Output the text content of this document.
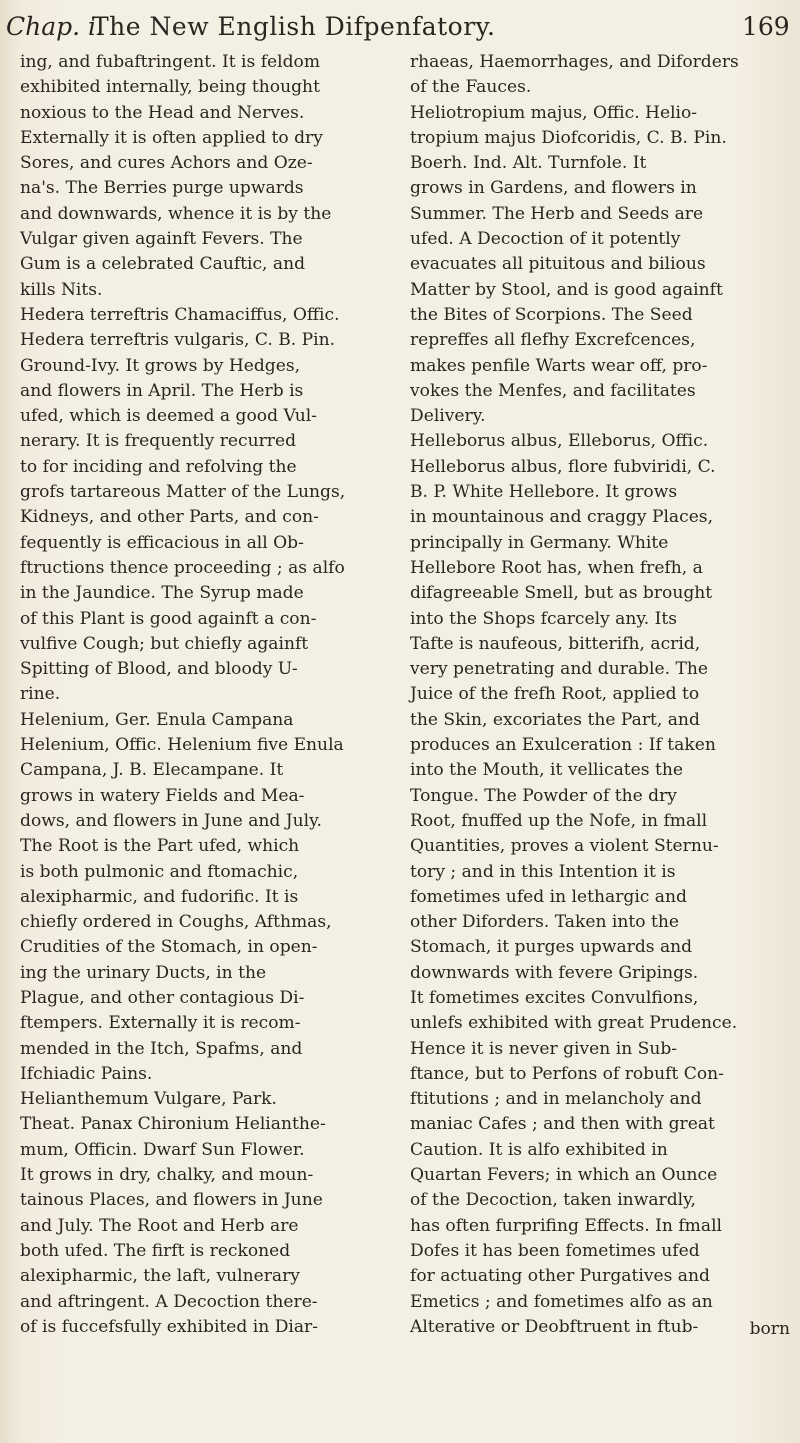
Chap. i.
The New English Difpenfatory.	169
ing, and fubaftringent. It is feldom
exhibited internally, being thought
noxious to the Head and Nerves.
Externally it is often applied to dry
Sores, and cures Achors and Oze-
na's. The Berries purge upwards
and downwards, whence it is by the
Vulgar given againft Fevers. The
Gum is a celebrated Cauftic, and
kills Nits.
Hedera terreftris Chamaciffus, Offic.
Hedera terreftris vulgaris, C. B. Pin.
Ground-Ivy. It grows by Hedges,
and flowers in April. The Herb is
ufed, which is deemed a good Vul-
nerary. It is frequently recurred
to for inciding and refolving the
grofs tartareous Matter of the Lungs,
Kidneys, and other Parts, and con-
fequently is efficacious in all Ob-
ftructions thence proceeding ; as alfo
in the Jaundice. The Syrup made
of this Plant is good againft a con-
vulfive Cough; but chiefly againft
Spitting of Blood, and bloody U-
rine.
Helenium, Ger. Enula Campana
Helenium, Offic. Helenium five Enula
Campana, J. B. Elecampane. It
grows in watery Fields and Mea-
dows, and flowers in June and July.
The Root is the Part ufed, which
is both pulmonic and ftomachic,
alexipharmic, and fudorific. It is
chiefly ordered in Coughs, Afthmas,
Crudities of the Stomach, in open-
ing the urinary Ducts, in the
Plague, and other contagious Di-
ftempers. Externally it is recom-
mended in the Itch, Spafms, and
Ifchiadic Pains.
Helianthemum Vulgare, Park.
Theat. Panax Chironium Helianthe-
mum, Officin. Dwarf Sun Flower.
It grows in dry, chalky, and moun-
tainous Places, and flowers in June
and July. The Root and Herb are
both ufed. The firft is reckoned
alexipharmic, the laft, vulnerary
and aftringent. A Decoction there-
of is fuccefsfully exhibited in Diar-
rhaeas, Haemorrhages, and Diforders
of the Fauces.
Heliotropium majus, Offic. Helio-
tropium majus Diofcoridis, C. B. Pin.
Boerh. Ind. Alt. Turnfole. It
grows in Gardens, and flowers in
Summer. The Herb and Seeds are
ufed. A Decoction of it potently
evacuates all pituitous and bilious
Matter by Stool, and is good againft
the Bites of Scorpions. The Seed
repreffes all flefhy Excrefcences,
makes penfile Warts wear off, pro-
vokes the Menfes, and facilitates
Delivery.
Helleborus albus, Elleborus, Offic.
Helleborus albus, flore fubviridi, C.
B. P. White Hellebore. It grows
in mountainous and craggy Places,
principally in Germany. White
Hellebore Root has, when frefh, a
difagreeable Smell, but as brought
into the Shops fcarcely any. Its
Tafte is naufeous, bitterifh, acrid,
very penetrating and durable. The
Juice of the frefh Root, applied to
the Skin, excoriates the Part, and
produces an Exulceration : If taken
into the Mouth, it vellicates the
Tongue. The Powder of the dry
Root, fnuffed up the Nofe, in fmall
Quantities, proves a violent Sternu-
tory ; and in this Intention it is
fometimes ufed in lethargic and
other Diforders. Taken into the
Stomach, it purges upwards and
downwards with fevere Gripings.
It fometimes excites Convulfions,
unlefs exhibited with great Prudence.
Hence it is never given in Sub-
ftance, but to Perfons of robuft Con-
ftitutions ; and in melancholy and
maniac Cafes ; and then with great
Caution. It is alfo exhibited in
Quartan Fevers; in which an Ounce
of the Decoction, taken inwardly,
has often furprifing Effects. In fmall
Dofes it has been fometimes ufed
for actuating other Purgatives and
Emetics ; and fometimes alfo as an
Alterative or Deobftruent in ftub-	born
